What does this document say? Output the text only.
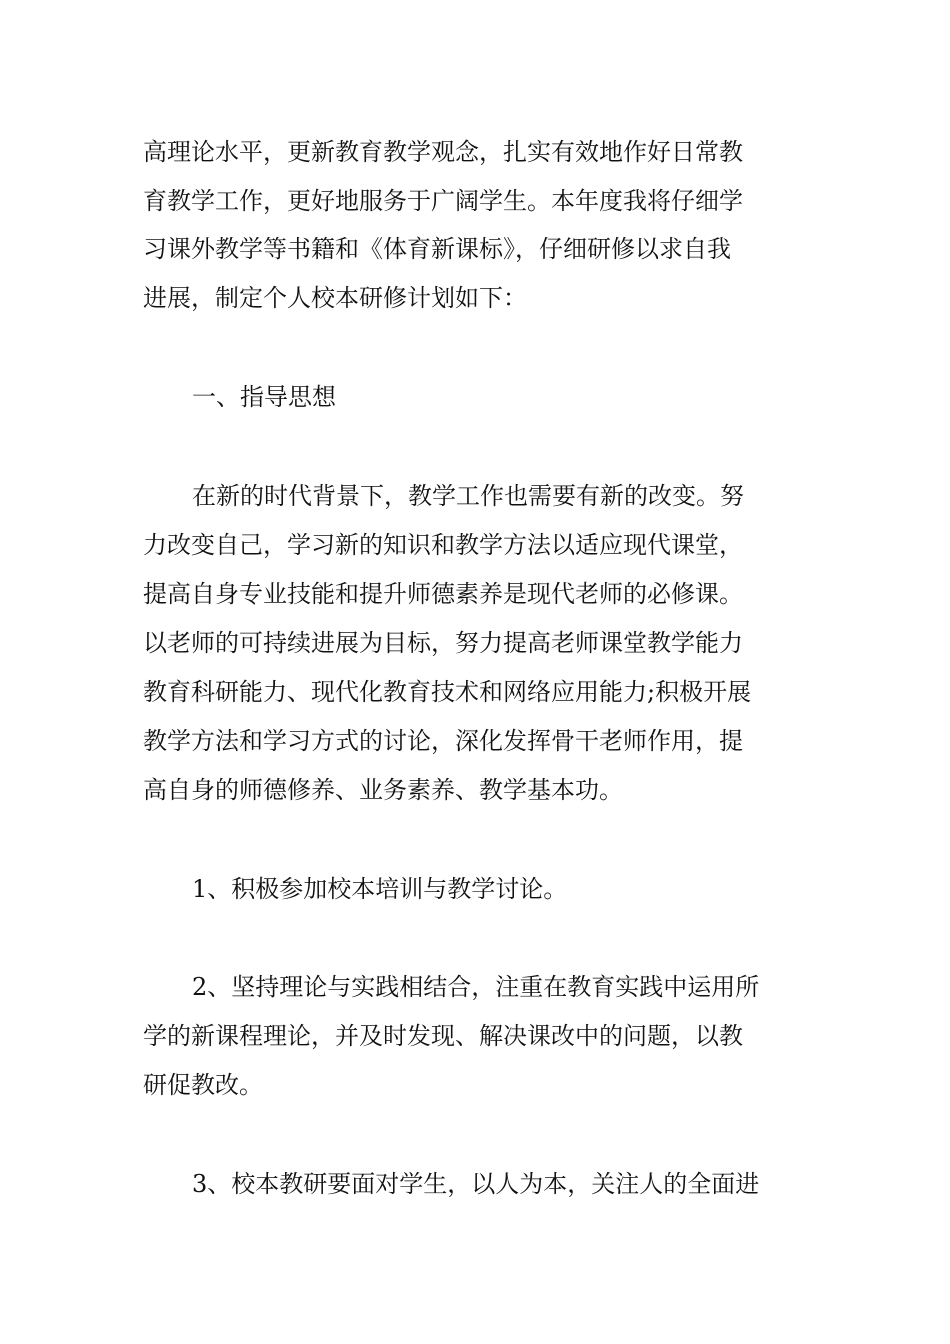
高理论水平，更新教育教学观念，扎实有效地作好日常教
育教学工作，更好地服务于广阔学生。本年度我将仔细学
习课外教学等书籍和《体育新课标》，仔细研修以求自我
进展，制定个人校本研修计划如下：
一、指导思想
在新的时代背景下，教学工作也需要有新的改变。努
力改变自己，学习新的知识和教学方法以适应现代课堂，
提高自身专业技能和提升师德素养是现代老师的必修课。
以老师的可持续进展为目标，努力提高老师课堂教学能力
教育科研能力、现代化教育技术和网络应用能力;积极开展
教学方法和学习方式的讨论，深化发挥骨干老师作用，提
高自身的师德修养、业务素养、教学基本功。
1、积极参加校本培训与教学讨论。
2、坚持理论与实践相结合，注重在教育实践中运用所
学的新课程理论，并及时发现、解决课改中的问题，以教
研促教改。
3、校本教研要面对学生，以人为本，关注人的全面进
